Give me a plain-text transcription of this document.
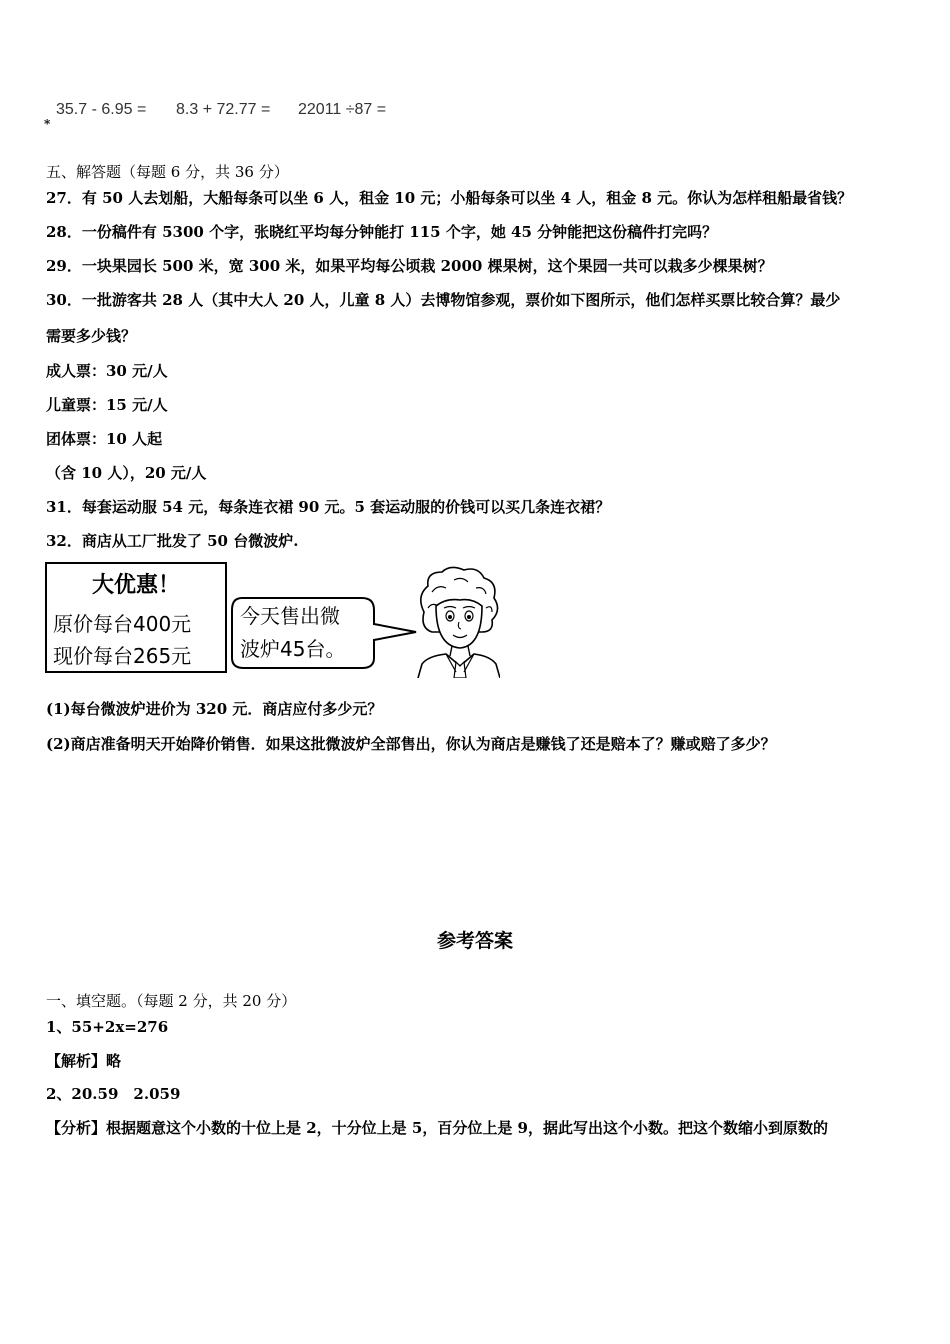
35.7 - 6.95 = 8.3 + 72.77 = 22011 ÷87 =
*
五、解答题（每题 6 分，共 36 分）
27．有 50 人去划船，大船每条可以坐 6 人，租金 10 元；小船每条可以坐 4 人，租金 8 元。你认为怎样租船最省钱？
28．一份稿件有 5300 个字，张晓红平均每分钟能打 115 个字，她 45 分钟能把这份稿件打完吗？
29．一块果园长 500 米，宽 300 米，如果平均每公顷栽 2000 棵果树，这个果园一共可以栽多少棵果树？
30．一批游客共 28 人（其中大人 20 人，儿童 8 人）去博物馆参观，票价如下图所示，他们怎样买票比较合算？最少
需要多少钱？
成人票：30 元/人
儿童票：15 元/人
团体票：10 人起
（含 10 人），20 元/人
31．每套运动服 54 元，每条连衣裙 90 元。5 套运动服的价钱可以买几条连衣裙？
32．商店从工厂批发了 50 台微波炉.
大优惠！
原价每台400元
现价每台265元
今天售出微
波炉45台。
(1)每台微波炉进价为 320 元．商店应付多少元？
(2)商店准备明天开始降价销售．如果这批微波炉全部售出，你认为商店是赚钱了还是赔本了？赚或赔了多少？
参考答案
一、填空题。（每题 2 分，共 20 分）
1、55+2x=276
【解析】略
2、20.59　2.059
【分析】根据题意这个小数的十位上是 2，十分位上是 5，百分位上是 9，据此写出这个小数。把这个数缩小到原数的
